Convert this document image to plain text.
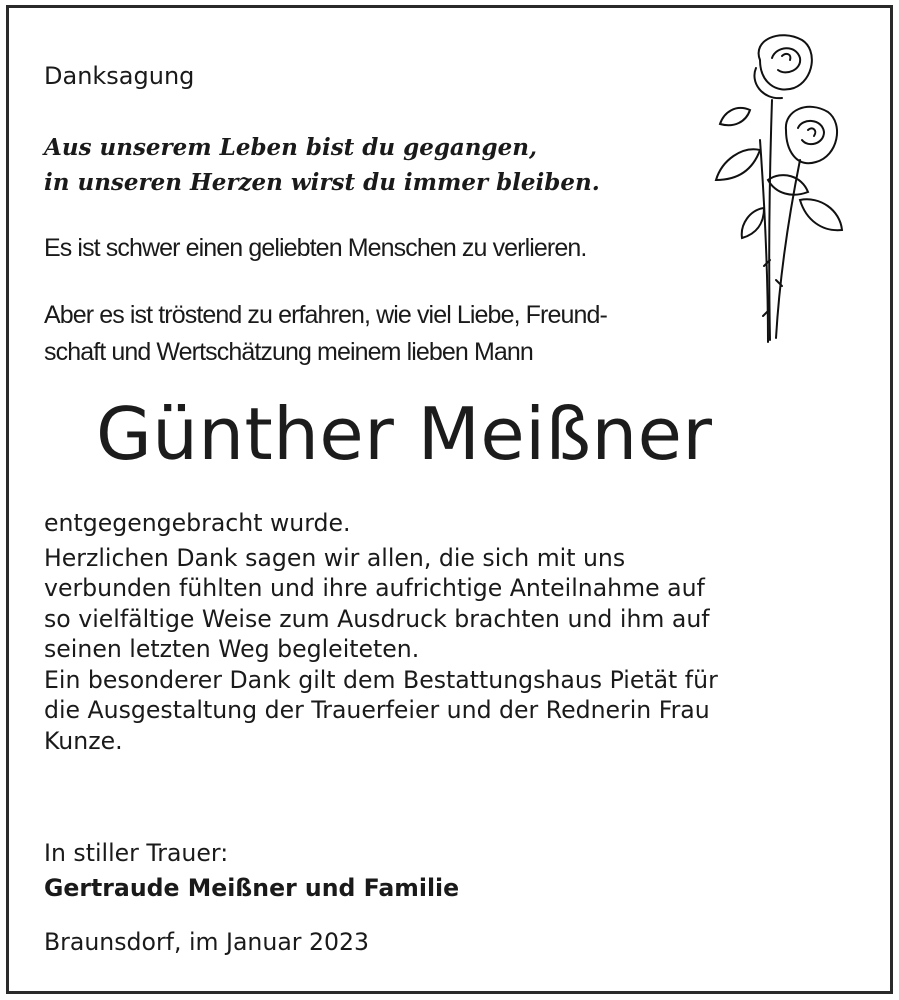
Danksagung
Aus unserem Leben bist du gegangen,
in unseren Herzen wirst du immer bleiben.
Es ist schwer einen geliebten Menschen zu verlieren.
Aber es ist tröstend zu erfahren, wie viel Liebe, Freund-
schaft und Wertschätzung meinem lieben Mann
Günther Meißner
entgegengebracht wurde.
Herzlichen Dank sagen wir allen, die sich mit uns
verbunden fühlten und ihre aufrichtige Anteilnahme auf
so vielfältige Weise zum Ausdruck brachten und ihm auf
seinen letzten Weg begleiteten.
Ein besonderer Dank gilt dem Bestattungshaus Pietät für
die Ausgestaltung der Trauerfeier und der Rednerin Frau
Kunze.
In stiller Trauer:
Gertraude Meißner und Familie
Braunsdorf, im Januar 2023
